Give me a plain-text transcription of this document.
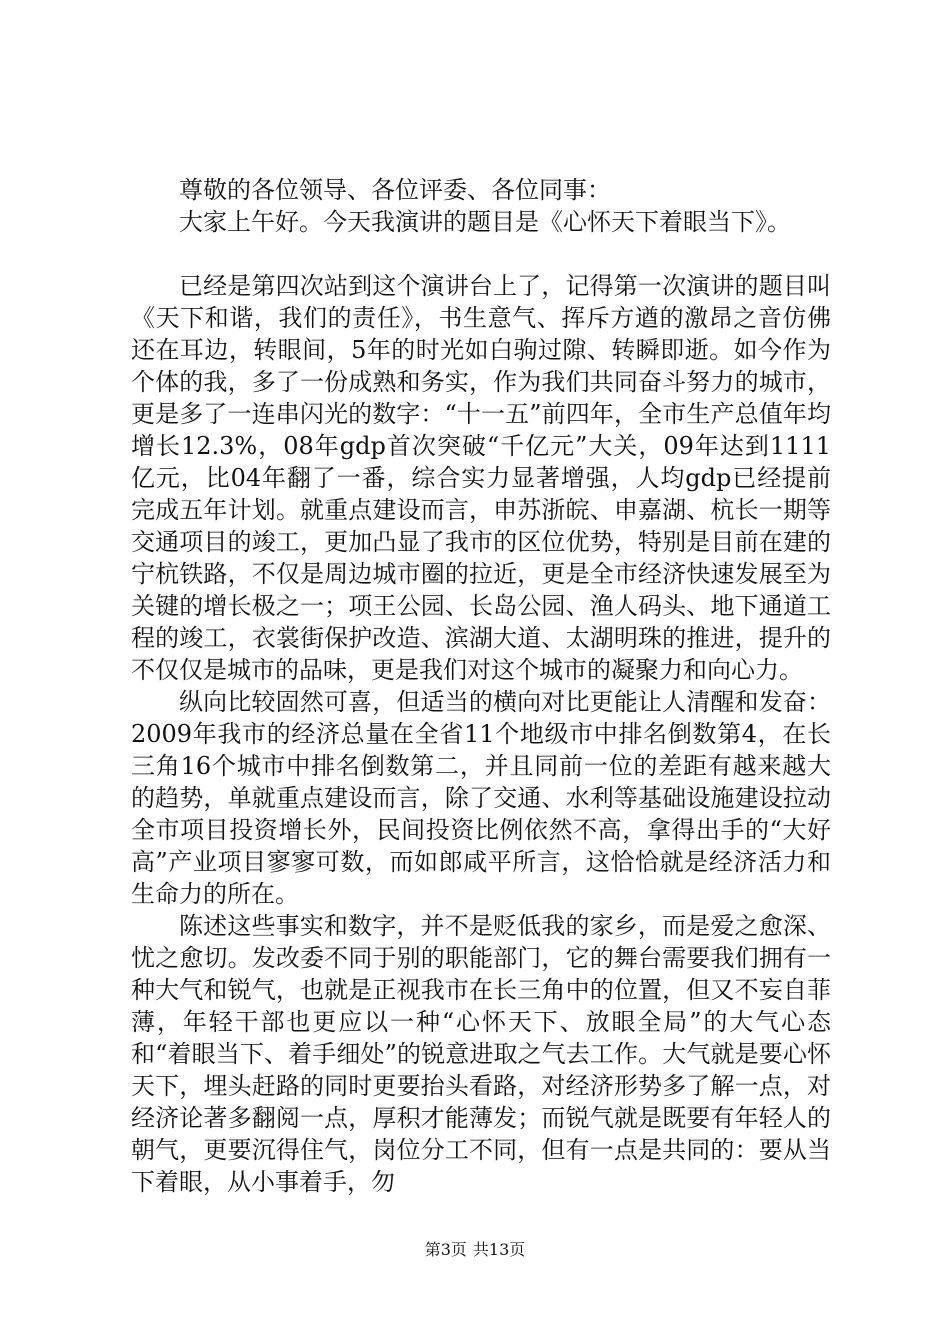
尊敬的各位领导、各位评委、各位同事：
大家上午好。今天我演讲的题目是《心怀天下着眼当下》。

已经是第四次站到这个演讲台上了，记得第一次演讲的题目叫《天下和谐，我们的责任》，书生意气、挥斥方遒的激昂之音仿佛还在耳边，转眼间，5年的时光如白驹过隙、转瞬即逝。如今作为个体的我，多了一份成熟和务实，作为我们共同奋斗努力的城市，更是多了一连串闪光的数字：“十一五”前四年，全市生产总值年均增长12.3%，08年gdp首次突破“千亿元”大关，09年达到1111亿元，比04年翻了一番，综合实力显著增强，人均gdp已经提前完成五年计划。就重点建设而言，申苏浙皖、申嘉湖、杭长一期等交通项目的竣工，更加凸显了我市的区位优势，特别是目前在建的宁杭铁路，不仅是周边城市圈的拉近，更是全市经济快速发展至为关键的增长极之一；项王公园、长岛公园、渔人码头、地下通道工程的竣工，衣裳街保护改造、滨湖大道、太湖明珠的推进，提升的不仅仅是城市的品味，更是我们对这个城市的凝聚力和向心力。

纵向比较固然可喜，但适当的横向对比更能让人清醒和发奋：2009年我市的经济总量在全省11个地级市中排名倒数第4，在长三角16个城市中排名倒数第二，并且同前一位的差距有越来越大的趋势，单就重点建设而言，除了交通、水利等基础设施建设拉动全市项目投资增长外，民间投资比例依然不高，拿得出手的“大好高”产业项目寥寥可数，而如郎咸平所言，这恰恰就是经济活力和生命力的所在。

陈述这些事实和数字，并不是贬低我的家乡，而是爱之愈深、忧之愈切。发改委不同于别的职能部门，它的舞台需要我们拥有一种大气和锐气，也就是正视我市在长三角中的位置，但又不妄自菲薄，年轻干部也更应以一种“心怀天下、放眼全局”的大气心态和“着眼当下、着手细处”的锐意进取之气去工作。大气就是要心怀天下，埋头赶路的同时更要抬头看路，对经济形势多了解一点，对经济论著多翻阅一点，厚积才能薄发；而锐气就是既要有年轻人的朝气，更要沉得住气，岗位分工不同，但有一点是共同的：要从当下着眼，从小事着手，勿

第3页 共13页
